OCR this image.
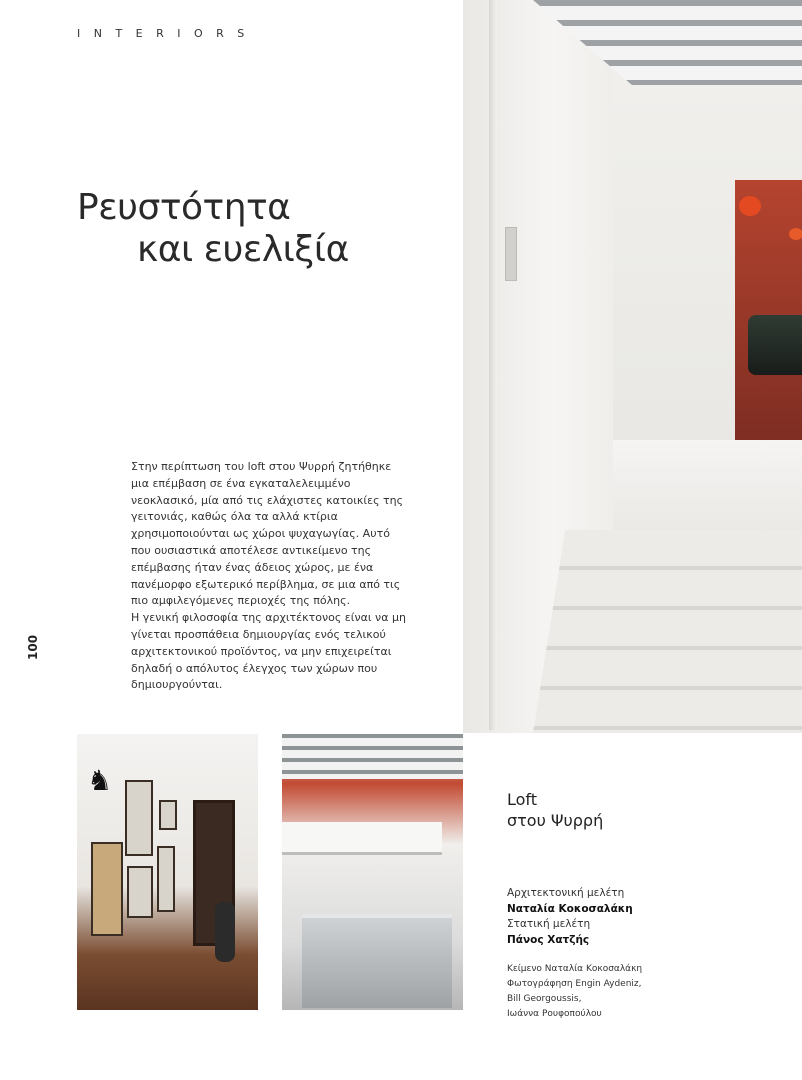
I N T E R I O R S
Ρευστότητα
και ευελιξία

Στην περίπτωση του loft στου Ψυρρή ζητήθηκε μια επέμβαση σε ένα εγκαταλελειμμένο νεοκλασικό, μία από τις ελάχιστες κατοικίες της γειτονιάς, καθώς όλα τα αλλά κτίρια χρησιμοποιούνται ως χώροι ψυχαγωγίας. Αυτό που ουσιαστικά αποτέλεσε αντικείμενο της επέμβασης ήταν ένας άδειος χώρος, με ένα πανέμορφο εξωτερικό περίβλημα, σε μια από τις πιο αμφιλεγόμενες περιοχές της πόλης.

Η γενική φιλοσοφία της αρχιτέκτονος είναι να μη γίνεται προσπάθεια δημιουργίας ενός τελικού αρχιτεκτονικού προϊόντος, να μην επιχειρείται δηλαδή ο απόλυτος έλεγχος των χώρων που δημιουργούνται.

100
♞
Loft
στου Ψυρρή
Αρχιτεκτονική μελέτη
Ναταλία Κοκοσαλάκη
Στατική μελέτη
Πάνος Χατζής
Κείμενο Ναταλία Κοκοσαλάκη
Φωτογράφηση Engin Aydeniz,
Bill Georgoussis,
Ιωάννα Ρουφοπούλου
